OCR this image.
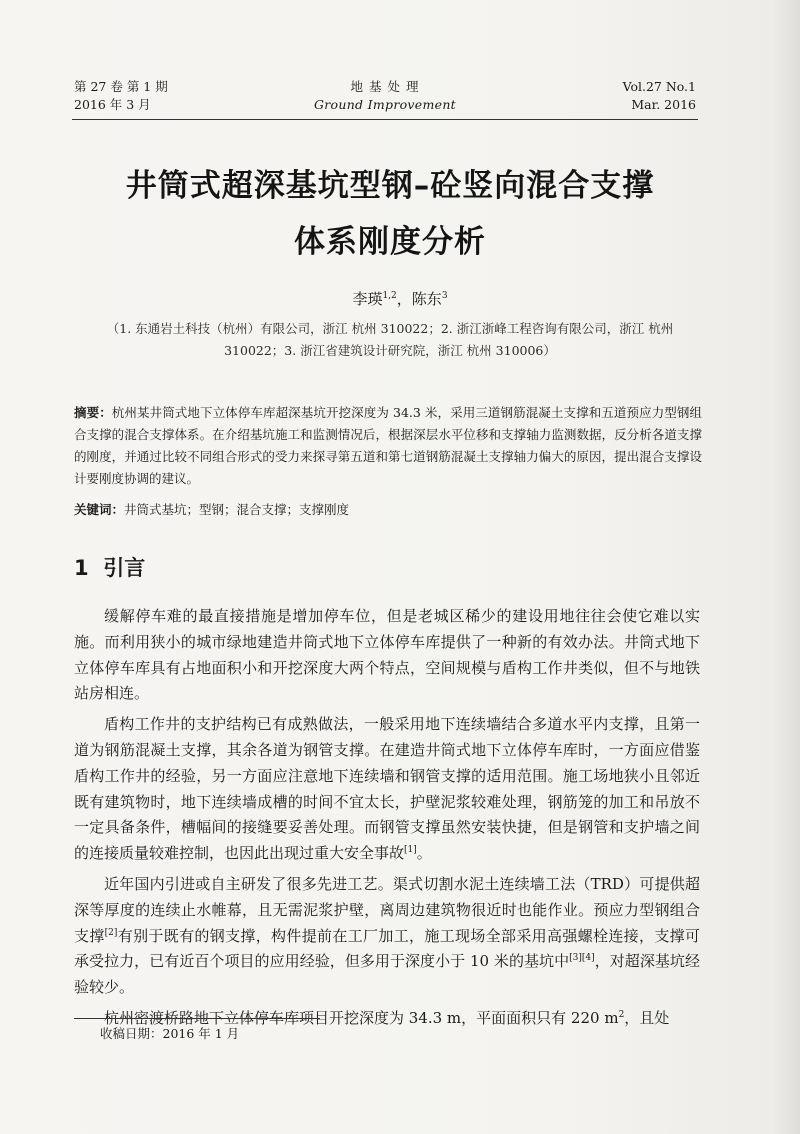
第 27 卷 第 1 期
2016 年 3 月
地 基 处 理
Ground Improvement
Vol.27 No.1
Mar. 2016
井筒式超深基坑型钢–砼竖向混合支撑
体系刚度分析
李瑛$^{1,2}$，陈东$^3$
（1. 东通岩土科技（杭州）有限公司，浙江 杭州 310022；2. 浙江浙峰工程咨询有限公司，浙江 杭州
310022；3. 浙江省建筑设计研究院，浙江 杭州 310006）
摘要：杭州某井筒式地下立体停车库超深基坑开挖深度为 34.3 米，采用三道钢筋混凝土支撑和五道预应力型钢组合支撑的混合支撑体系。在介绍基坑施工和监测情况后，根据深层水平位移和支撑轴力监测数据，反分析各道支撑的刚度，并通过比较不同组合形式的受力来探寻第五道和第七道钢筋混凝土支撑轴力偏大的原因，提出混合支撑设计要刚度协调的建议。
关键词：井筒式基坑；型钢；混合支撑；支撑刚度
1 引言

缓解停车难的最直接措施是增加停车位，但是老城区稀少的建设用地往往会使它难以实施。而利用狭小的城市绿地建造井筒式地下立体停车库提供了一种新的有效办法。井筒式地下立体停车库具有占地面积小和开挖深度大两个特点，空间规模与盾构工作井类似，但不与地铁站房相连。

盾构工作井的支护结构已有成熟做法，一般采用地下连续墙结合多道水平内支撑，且第一道为钢筋混凝土支撑，其余各道为钢管支撑。在建造井筒式地下立体停车库时，一方面应借鉴盾构工作井的经验，另一方面应注意地下连续墙和钢管支撑的适用范围。施工场地狭小且邻近既有建筑物时，地下连续墙成槽的时间不宜太长，护壁泥浆较难处理，钢筋笼的加工和吊放不一定具备条件，槽幅间的接缝要妥善处理。而钢管支撑虽然安装快捷，但是钢管和支护墙之间的连接质量较难控制，也因此出现过重大安全事故[1]。

近年国内引进或自主研发了很多先进工艺。渠式切割水泥土连续墙工法（TRD）可提供超深等厚度的连续止水帷幕，且无需泥浆护壁，离周边建筑物很近时也能作业。预应力型钢组合支撑[2]有别于既有的钢支撑，构件提前在工厂加工，施工现场全部采用高强螺栓连接，支撑可承受拉力，已有近百个项目的应用经验，但多用于深度小于 10 米的基坑中[3][4]，对超深基坑经验较少。

杭州密渡桥路地下立体停车库项目开挖深度为 34.3 m，平面面积只有 220 $m^2$，且处

收稿日期：2016 年 1 月
